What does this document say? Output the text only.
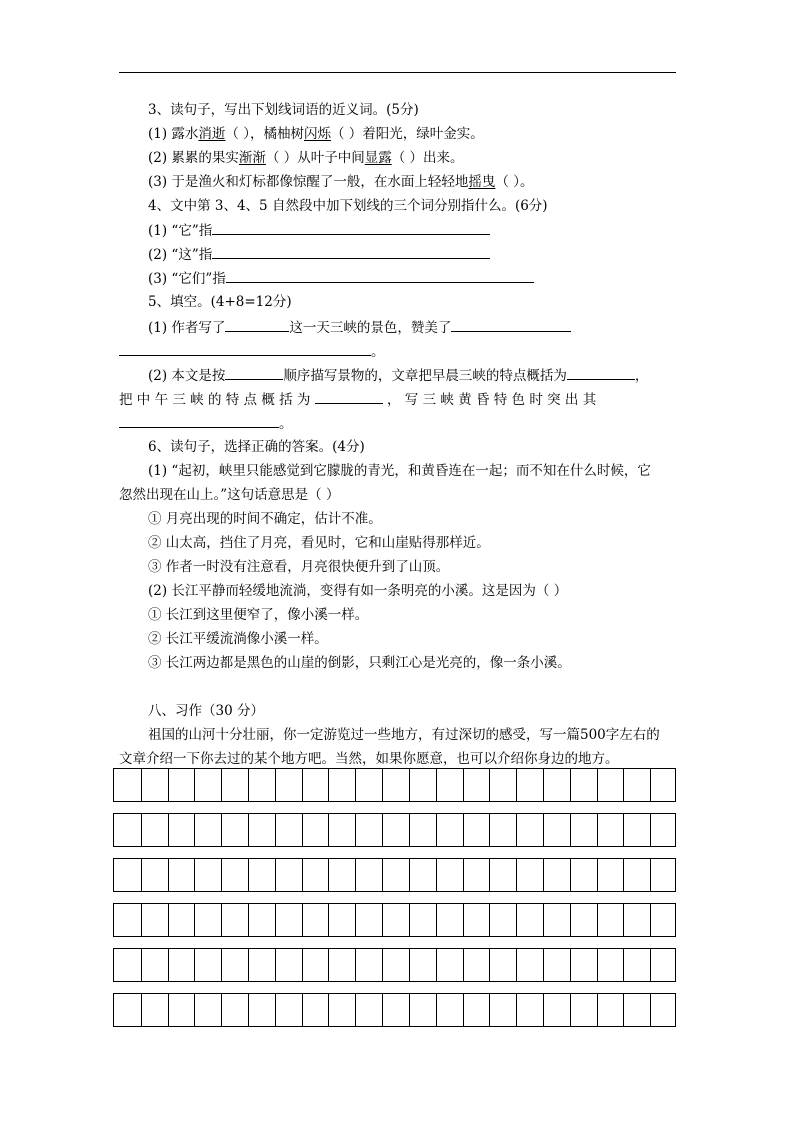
3、读句子，写出下划线词语的近义词。(5分)
(1) 露水消逝（ ），橘柚树闪烁（ ）着阳光，绿叶金实。
(2) 累累的果实渐渐（ ）从叶子中间显露（ ）出来。
(3) 于是渔火和灯标都像惊醒了一般，在水面上轻轻地摇曳（ ）。
4、文中第 3、4、5 自然段中加下划线的三个词分别指什么。(6分)
(1) “它”指
(2) “这”指
(3) “它们”指
5、填空。(4+8=12分)
(1) 作者写了	这一天三峡的景色，赞美了
。
(2) 本文是按	顺序描写景物的，文章把早晨三峡的特点概括为	，
把 中 午 三 峡 的 特 点 概 括 为	， 写 三 峡 黄 昏 特 色 时 突 出 其
。
6、读句子，选择正确的答案。(4分)
(1) “起初，峡里只能感觉到它朦胧的青光，和黄昏连在一起；而不知在什么时候，它
忽然出现在山上。”这句话意思是（ ）
① 月亮出现的时间不确定，估计不准。
② 山太高，挡住了月亮，看见时，它和山崖贴得那样近。
③ 作者一时没有注意看，月亮很快便升到了山顶。
(2) 长江平静而轻缓地流淌，变得有如一条明亮的小溪。这是因为（ ）
① 长江到这里便窄了，像小溪一样。
② 长江平缓流淌像小溪一样。
③ 长江两边都是黑色的山崖的倒影，只剩江心是光亮的，像一条小溪。
八、习作（30 分）
祖国的山河十分壮丽，你一定游览过一些地方，有过深切的感受，写一篇500字左右的
文章介绍一下你去过的某个地方吧。当然，如果你愿意，也可以介绍你身边的地方。
